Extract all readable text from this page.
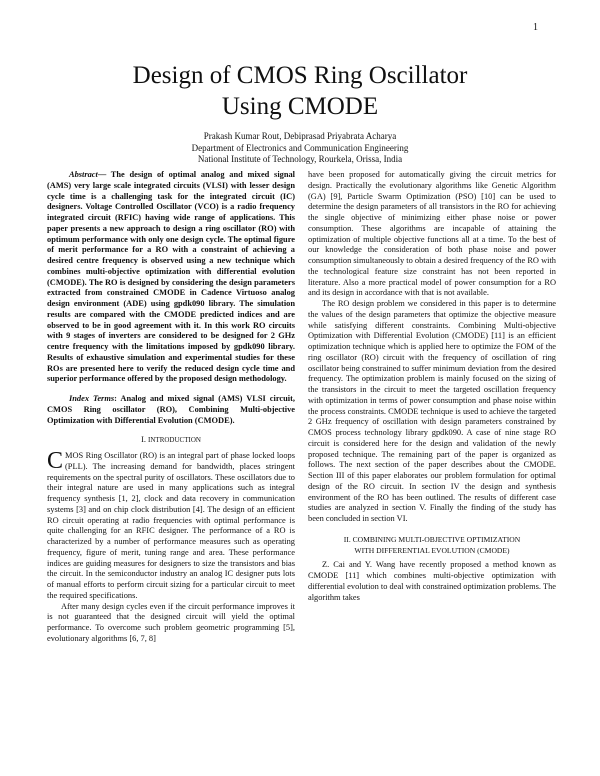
1
Design of CMOS Ring Oscillator
Using CMODE
Prakash Kumar Rout, Debiprasad Priyabrata Acharya
Department of Electronics and Communication Engineering
National Institute of Technology, Rourkela, Orissa, India

Abstract— The design of optimal analog and mixed signal (AMS) very large scale integrated circuits (VLSI) with lesser design cycle time is a challenging task for the integrated circuit (IC) designers. Voltage Controlled Oscillator (VCO) is a radio frequency integrated circuit (RFIC) having wide range of applications. This paper presents a new approach to design a ring oscillator (RO) with optimum performance with only one design cycle. The optimal figure of merit performance for a RO with a constraint of achieving a desired centre frequency is observed using a new technique which combines multi-objective optimization with differential evolution (CMODE). The RO is designed by considering the design parameters extracted from constrained CMODE in Cadence Virtuoso analog design environment (ADE) using gpdk090 library. The simulation results are compared with the CMODE predicted indices and are observed to be in good agreement with it. In this work RO circuits with 9 stages of inverters are considered to be designed for 2 GHz centre frequency with the limitations imposed by gpdk090 library. Results of exhaustive simulation and experimental studies for these ROs are presented here to verify the reduced design cycle time and superior performance offered by the proposed design methodology.

Index Terms: Analog and mixed signal (AMS) VLSI circuit, CMOS Ring oscillator (RO), Combining Multi-objective Optimization with Differential Evolution (CMODE).

I. INTRODUCTION

CMOS Ring Oscillator (RO) is an integral part of phase locked loops (PLL). The increasing demand for bandwidth, places stringent requirements on the spectral purity of oscillators. These oscillators due to their integral nature are used in many applications such as integral frequency synthesis [1, 2], clock and data recovery in communication systems [3] and on chip clock distribution [4]. The design of an efficient RO circuit operating at radio frequencies with optimal performance is quite challenging for an RFIC designer. The performance of a RO is characterized by a number of performance measures such as operating frequency, figure of merit, tuning range and area. These performance indices are guiding measures for designers to size the transistors and bias the circuit. In the semiconductor industry an analog IC designer puts lots of manual efforts to perform circuit sizing for a particular circuit to meet the required specifications.

After many design cycles even if the circuit performance improves it is not guaranteed that the designed circuit will yield the optimal performance. To overcome such problem geometric programming [5], evolutionary algorithms [6, 7, 8]

have been proposed for automatically giving the circuit metrics for design. Practically the evolutionary algorithms like Genetic Algorithm (GA) [9], Particle Swarm Optimization (PSO) [10] can be used to determine the design parameters of all transistors in the RO for achieving the single objective of minimizing either phase noise or power consumption. These algorithms are incapable of attaining the optimization of multiple objective functions all at a time. To the best of our knowledge the consideration of both phase noise and power consumption simultaneously to obtain a desired frequency of the RO with the technological feature size constraint has not been reported in literature. Also a more practical model of power consumption for a RO and its design in accordance with that is not available.

The RO design problem we considered in this paper is to determine the values of the design parameters that optimize the objective measure while satisfying different constraints. Combining Multi-objective Optimization with Differential Evolution (CMODE) [11] is an efficient optimization technique which is applied here to optimize the FOM of the ring oscillator (RO) circuit with the frequency of oscillation of ring oscillator being constrained to suffer minimum deviation from the desired frequency. The optimization problem is mainly focused on the sizing of the transistors in the circuit to meet the targeted oscillation frequency with optimization in terms of power consumption and phase noise within the process constraints. CMODE technique is used to achieve the targeted 2 GHz frequency of oscillation with design parameters constrained by CMOS process technology library gpdk090. A case of nine stage RO circuit is considered here for the design and validation of the newly proposed technique. The remaining part of the paper is organized as follows. The next section of the paper describes about the CMODE. Section III of this paper elaborates our problem formulation for optimal design of the RO circuit. In section IV the design and synthesis environment of the RO has been outlined. The results of different case studies are analyzed in section V. Finally the finding of the study has been concluded in section VI.

II. COMBINING MULTI-OBJECTIVE OPTIMIZATION
WITH DIFFERENTIAL EVOLUTION (CMODE)

Z. Cai and Y. Wang have recently proposed a method known as CMODE [11] which combines multi-objective optimization with differential evolution to deal with constrained optimization problems. The algorithm takes
